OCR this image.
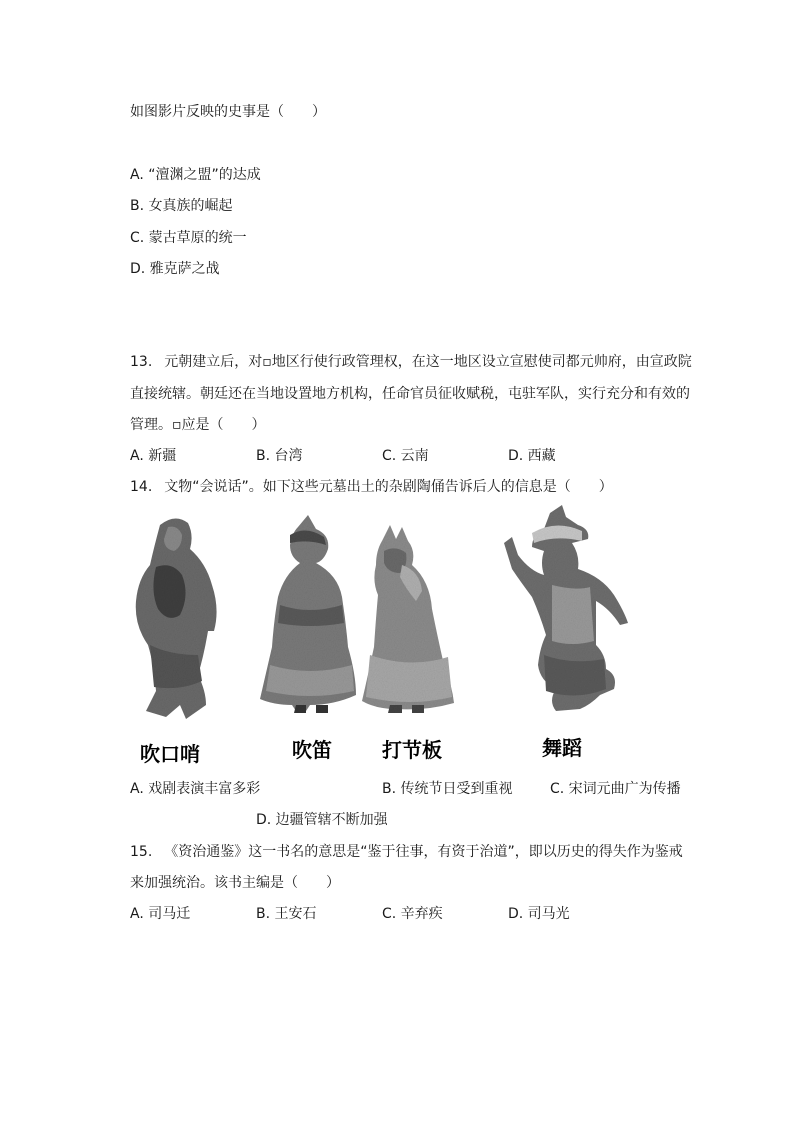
如图影片反映的史事是（　　）
A. “澶渊之盟”的达成
B. 女真族的崛起
C. 蒙古草原的统一
D. 雅克萨之战
13. 元朝建立后，对▫地区行使行政管理权，在这一地区设立宣慰使司都元帅府，由宣政院
直接统辖。朝廷还在当地设置地方机构，任命官员征收赋税，屯驻军队，实行充分和有效的
管理。▫应是（　　）
A. 新疆	B. 台湾	C. 云南	D. 西藏
14. 文物“会说话”。如下这些元墓出土的杂剧陶俑告诉后人的信息是（　　）
吹口哨	吹笛	打节板	舞蹈
A. 戏剧表演丰富多彩	B. 传统节日受到重视	C. 宋词元曲广为传播
D. 边疆管辖不断加强
15. 《资治通鉴》这一书名的意思是“鉴于往事，有资于治道”，即以历史的得失作为鉴戒
来加强统治。该书主编是（　　）
A. 司马迁	B. 王安石	C. 辛弃疾	D. 司马光
